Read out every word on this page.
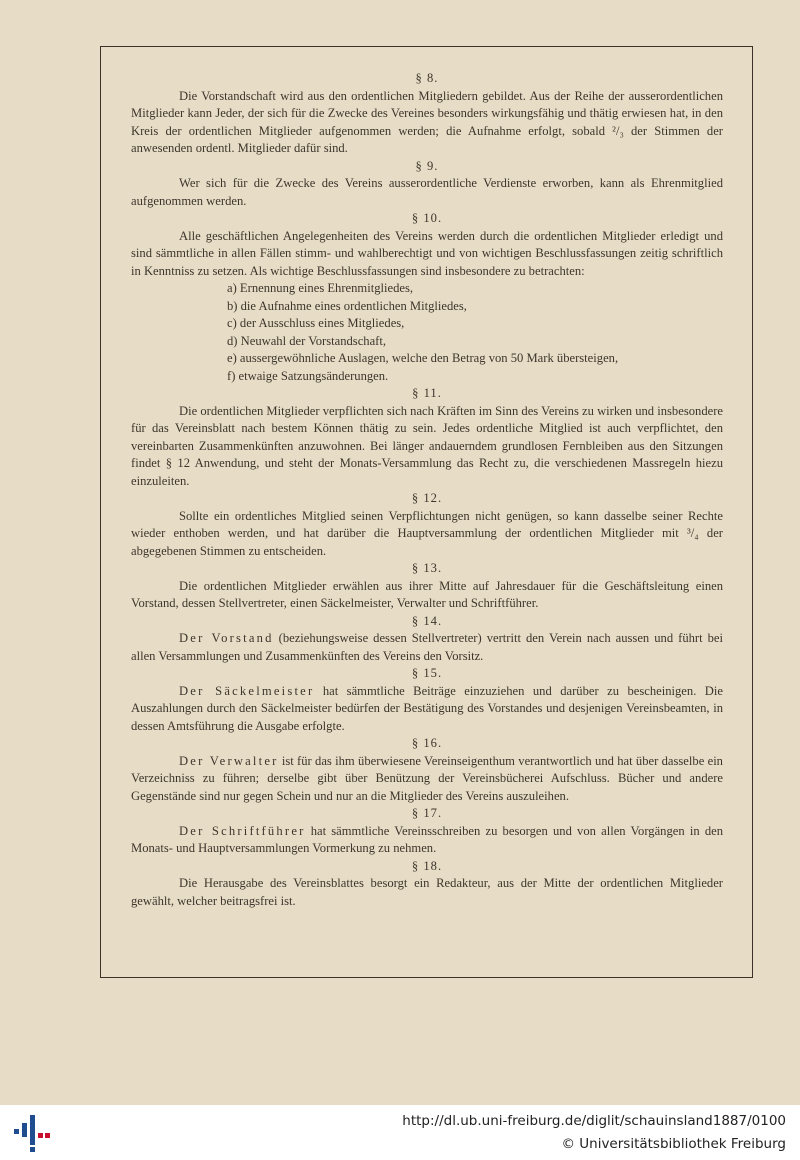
§ 8.

Die Vorstandschaft wird aus den ordentlichen Mitgliedern gebildet. Aus der Reihe der ausserordentlichen Mitglieder kann Jeder, der sich für die Zwecke des Vereines besonders wirkungsfähig und thätig erwiesen hat, in den Kreis der ordentlichen Mitglieder aufgenommen werden; die Aufnahme erfolgt, sobald ²/₃ der Stimmen der anwesenden ordentl. Mitglieder dafür sind.

§ 9.

Wer sich für die Zwecke des Vereins ausserordentliche Verdienste erworben, kann als Ehrenmitglied aufgenommen werden.

§ 10.

Alle geschäftlichen Angelegenheiten des Vereins werden durch die ordentlichen Mitglieder erledigt und sind sämmtliche in allen Fällen stimm- und wahlberechtigt und von wichtigen Beschlussfassungen zeitig schriftlich in Kenntniss zu setzen. Als wichtige Beschlussfassungen sind insbesondere zu betrachten:

a) Ernennung eines Ehrenmitgliedes,
b) die Aufnahme eines ordentlichen Mitgliedes,
c) der Ausschluss eines Mitgliedes,
d) Neuwahl der Vorstandschaft,
e) aussergewöhnliche Auslagen, welche den Betrag von 50 Mark übersteigen,
f) etwaige Satzungsänderungen.

§ 11.

Die ordentlichen Mitglieder verpflichten sich nach Kräften im Sinn des Vereins zu wirken und insbesondere für das Vereinsblatt nach bestem Können thätig zu sein. Jedes ordentliche Mitglied ist auch verpflichtet, den vereinbarten Zusammenkünften anzuwohnen. Bei länger andauerndem grundlosen Fernbleiben aus den Sitzungen findet § 12 Anwendung, und steht der Monats-Versammlung das Recht zu, die verschiedenen Massregeln hiezu einzuleiten.

§ 12.

Sollte ein ordentliches Mitglied seinen Verpflichtungen nicht genügen, so kann dasselbe seiner Rechte wieder enthoben werden, und hat darüber die Hauptversammlung der ordentlichen Mitglieder mit ³/₄ der abgegebenen Stimmen zu entscheiden.

§ 13.

Die ordentlichen Mitglieder erwählen aus ihrer Mitte auf Jahresdauer für die Geschäftsleitung einen Vorstand, dessen Stellvertreter, einen Säckelmeister, Verwalter und Schriftführer.

§ 14.

Der Vorstand (beziehungsweise dessen Stellvertreter) vertritt den Verein nach aussen und führt bei allen Versammlungen und Zusammenkünften des Vereins den Vorsitz.

§ 15.

Der Säckelmeister hat sämmtliche Beiträge einzuziehen und darüber zu bescheinigen. Die Auszahlungen durch den Säckelmeister bedürfen der Bestätigung des Vorstandes und desjenigen Vereinsbeamten, in dessen Amtsführung die Ausgabe erfolgte.

§ 16.

Der Verwalter ist für das ihm überwiesene Vereinseigenthum verantwortlich und hat über dasselbe ein Verzeichniss zu führen; derselbe gibt über Benützung der Vereinsbücherei Aufschluss. Bücher und andere Gegenstände sind nur gegen Schein und nur an die Mitglieder des Vereins auszuleihen.

§ 17.

Der Schriftführer hat sämmtliche Vereinsschreiben zu besorgen und von allen Vorgängen in den Monats- und Hauptversammlungen Vormerkung zu nehmen.

§ 18.

Die Herausgabe des Vereinsblattes besorgt ein Redakteur, aus der Mitte der ordentlichen Mitglieder gewählt, welcher beitragsfrei ist.

http://dl.ub.uni-freiburg.de/diglit/schauinsland1887/0100
© Universitätsbibliothek Freiburg
